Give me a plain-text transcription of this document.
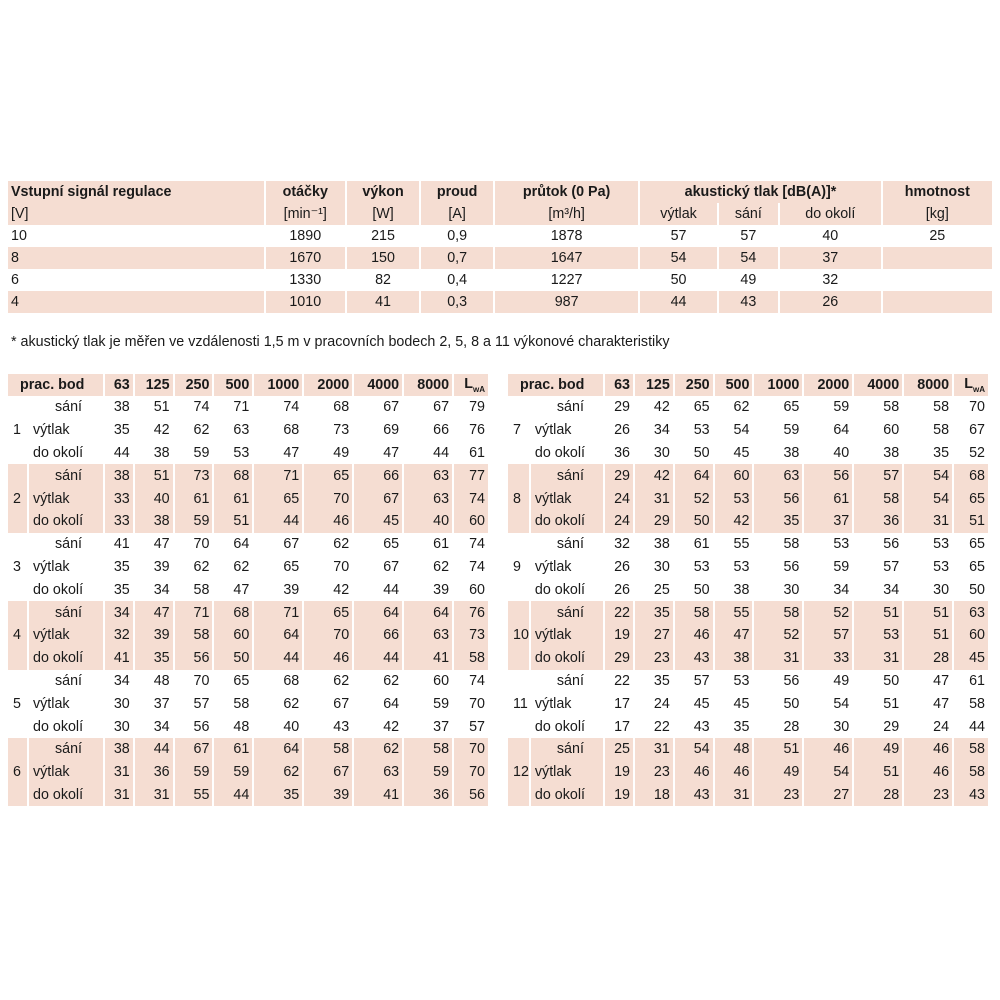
Vstupní signál regulace	otáčky	výkon	proud	průtok (0 Pa)	akustický tlak [dB(A)]*			hmotnost
[V]	[min⁻¹]	[W]	[A]	[m³/h]	výtlak	sání	do okolí	[kg]
10	1890	215	0,9	1878	57	57	40	25
8	1670	150	0,7	1647	54	54	37	
6	1330	82	0,4	1227	50	49	32	
4	1010	41	0,3	987	44	43	26	
* akustický tlak je měřen ve vzdálenosti 1,5 m v pracovních bodech 2, 5, 8 a 11 výkonové charakteristiky
prac. bod		63	125	250	500	1000	2000	4000	8000	$L_{wA}$
	sání	38	51	74	71	74	68	67	67	79
1	výtlak	35	42	62	63	68	73	69	66	76
	do okolí	44	38	59	53	47	49	47	44	61
	sání	38	51	73	68	71	65	66	63	77
2	výtlak	33	40	61	61	65	70	67	63	74
	do okolí	33	38	59	51	44	46	45	40	60
	sání	41	47	70	64	67	62	65	61	74
3	výtlak	35	39	62	62	65	70	67	62	74
	do okolí	35	34	58	47	39	42	44	39	60
	sání	34	47	71	68	71	65	64	64	76
4	výtlak	32	39	58	60	64	70	66	63	73
	do okolí	41	35	56	50	44	46	44	41	58
	sání	34	48	70	65	68	62	62	60	74
5	výtlak	30	37	57	58	62	67	64	59	70
	do okolí	30	34	56	48	40	43	42	37	57
	sání	38	44	67	61	64	58	62	58	70
6	výtlak	31	36	59	59	62	67	63	59	70
	do okolí	31	31	55	44	35	39	41	36	56
prac. bod		63	125	250	500	1000	2000	4000	8000	$L_{wA}$
	sání	29	42	65	62	65	59	58	58	70
7	výtlak	26	34	53	54	59	64	60	58	67
	do okolí	36	30	50	45	38	40	38	35	52
	sání	29	42	64	60	63	56	57	54	68
8	výtlak	24	31	52	53	56	61	58	54	65
	do okolí	24	29	50	42	35	37	36	31	51
	sání	32	38	61	55	58	53	56	53	65
9	výtlak	26	30	53	53	56	59	57	53	65
	do okolí	26	25	50	38	30	34	34	30	50
	sání	22	35	58	55	58	52	51	51	63
10	výtlak	19	27	46	47	52	57	53	51	60
	do okolí	29	23	43	38	31	33	31	28	45
	sání	22	35	57	53	56	49	50	47	61
11	výtlak	17	24	45	45	50	54	51	47	58
	do okolí	17	22	43	35	28	30	29	24	44
	sání	25	31	54	48	51	46	49	46	58
12	výtlak	19	23	46	46	49	54	51	46	58
	do okolí	19	18	43	31	23	27	28	23	43
